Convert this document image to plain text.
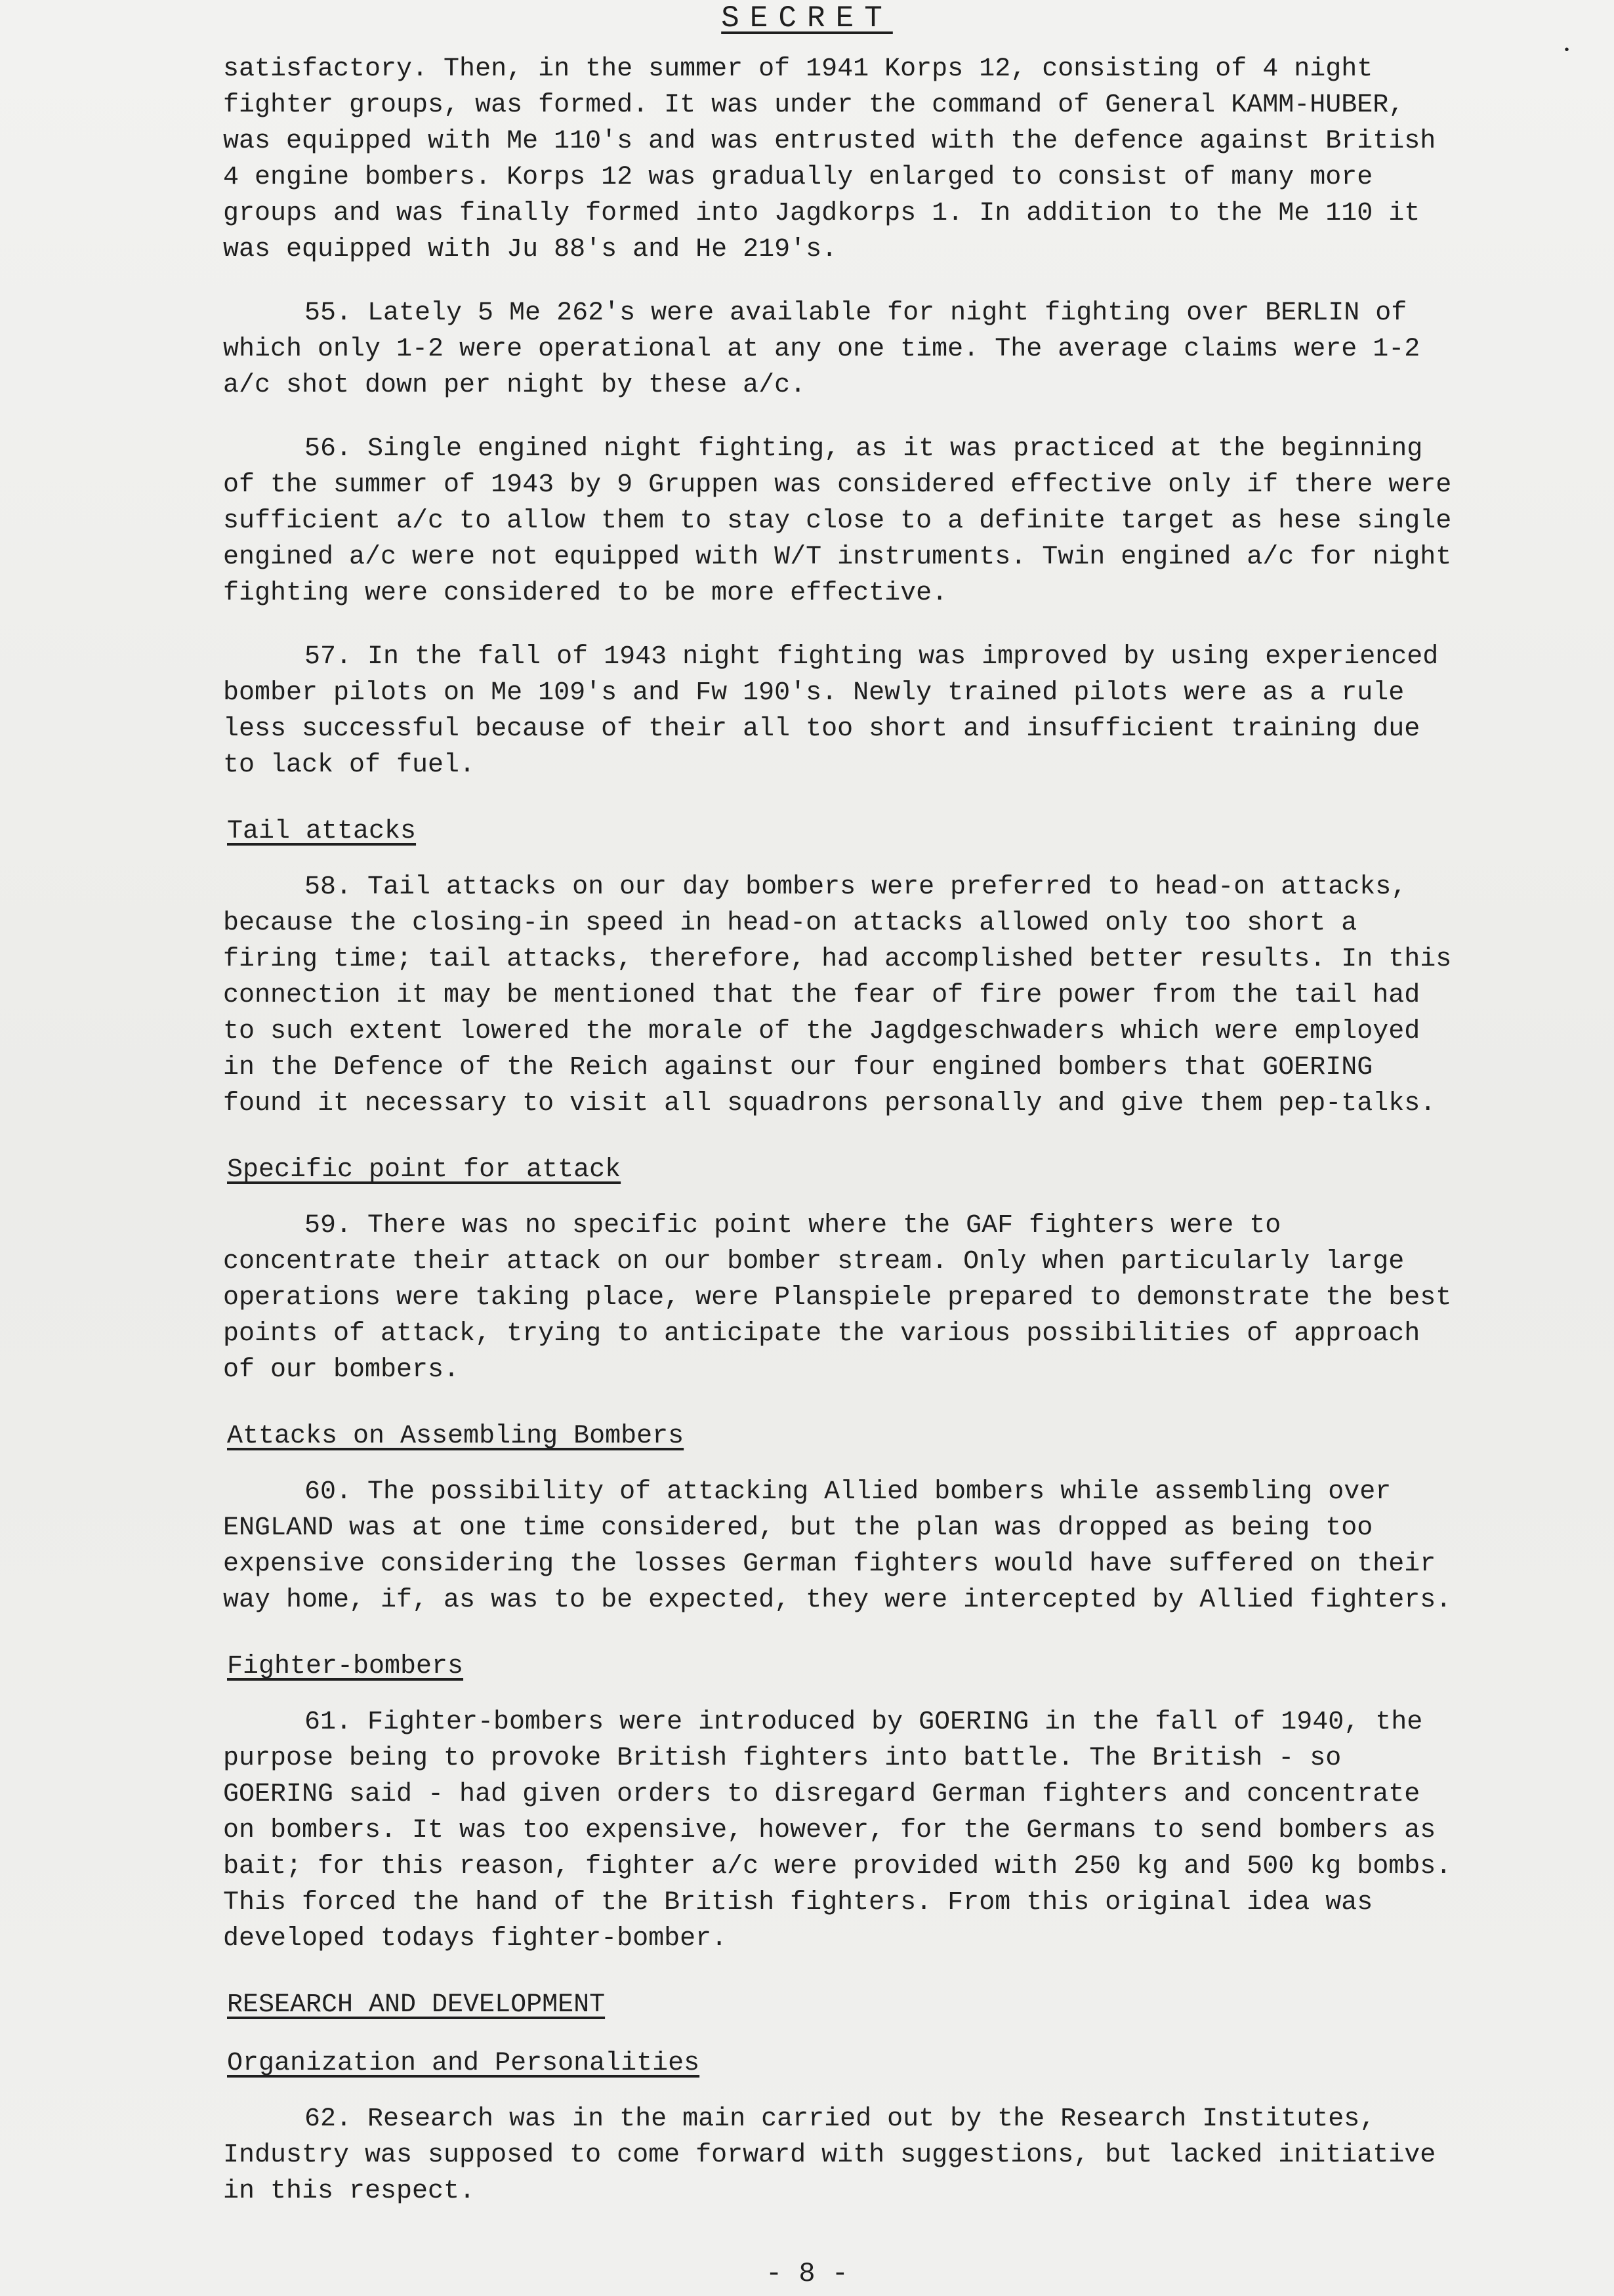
SECRET
•

satisfactory. Then, in the summer of 1941 Korps 12, consisting of 4 night fighter groups, was formed. It was under the command of General KAMM-HUBER, was equipped with Me 110's and was entrusted with the defence against British 4 engine bombers. Korps 12 was gradually enlarged to consist of many more groups and was finally formed into Jagdkorps 1. In addition to the Me 110 it was equipped with Ju 88's and He 219's.

55. Lately 5 Me 262's were available for night fighting over BERLIN of which only 1-2 were operational at any one time. The average claims were 1-2 a/c shot down per night by these a/c.

56. Single engined night fighting, as it was practiced at the beginning of the summer of 1943 by 9 Gruppen was considered effective only if there were sufficient a/c to allow them to stay close to a definite target as hese single engined a/c were not equipped with W/T instruments. Twin engined a/c for night fighting were considered to be more effective.

57. In the fall of 1943 night fighting was improved by using experienced bomber pilots on Me 109's and Fw 190's. Newly trained pilots were as a rule less successful because of their all too short and insufficient training due to lack of fuel.

Tail attacks

58. Tail attacks on our day bombers were preferred to head-on attacks, because the closing-in speed in head-on attacks allowed only too short a firing time; tail attacks, therefore, had accomplished better results. In this connection it may be mentioned that the fear of fire power from the tail had to such extent lowered the morale of the Jagdgeschwaders which were employed in the Defence of the Reich against our four engined bombers that GOERING found it necessary to visit all squadrons personally and give them pep-talks.

Specific point for attack

59. There was no specific point where the GAF fighters were to concentrate their attack on our bomber stream. Only when particularly large operations were taking place, were Planspiele prepared to demonstrate the best points of attack, trying to anticipate the various possibilities of approach of our bombers.

Attacks on Assembling Bombers

60. The possibility of attacking Allied bombers while assembling over ENGLAND was at one time considered, but the plan was dropped as being too expensive considering the losses German fighters would have suffered on their way home, if, as was to be expected, they were intercepted by Allied fighters.

Fighter-bombers

61. Fighter-bombers were introduced by GOERING in the fall of 1940, the purpose being to provoke British fighters into battle. The British - so GOERING said - had given orders to disregard German fighters and concentrate on bombers. It was too expensive, however, for the Germans to send bombers as bait; for this reason, fighter a/c were provided with 250 kg and 500 kg bombs. This forced the hand of the British fighters. From this original idea was developed todays fighter-bomber.

RESEARCH AND DEVELOPMENT
Organization and Personalities

62. Research was in the main carried out by the Research Institutes, Industry was supposed to come forward with suggestions, but lacked initiative in this respect.

- 8 -
